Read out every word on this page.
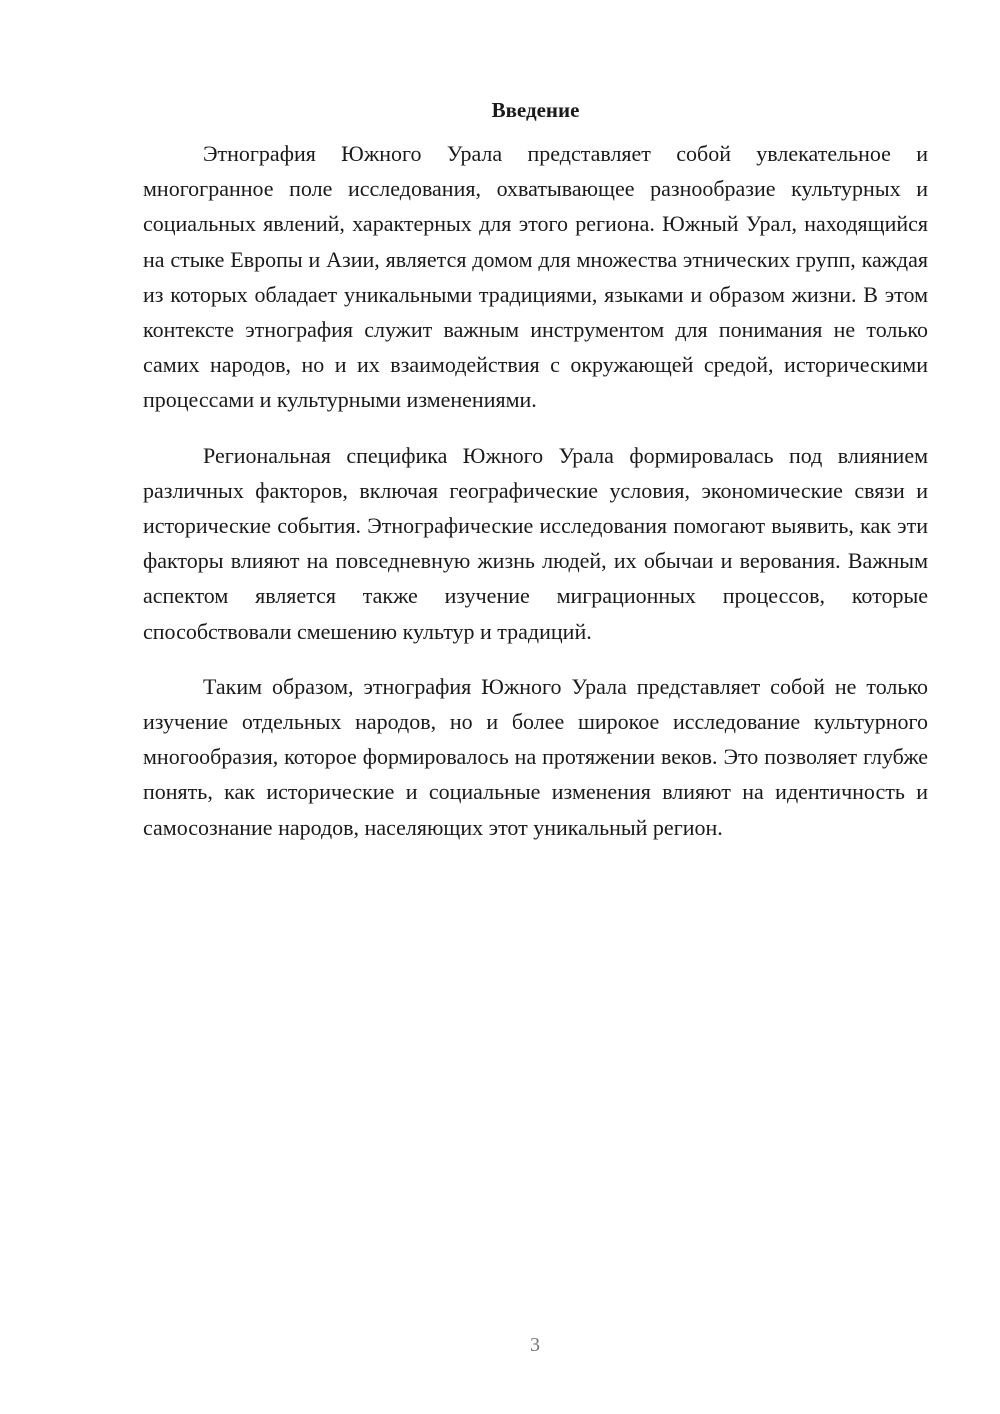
Введение

Этнография Южного Урала представляет собой увлекательное и многогранное поле исследования, охватывающее разнообразие культурных и социальных явлений, характерных для этого региона. Южный Урал, находящийся на стыке Европы и Азии, является домом для множества этнических групп, каждая из которых обладает уникальными традициями, языками и образом жизни. В этом контексте этнография служит важным инструментом для понимания не только самих народов, но и их взаимодействия с окружающей средой, историческими процессами и культурными изменениями.

Региональная специфика Южного Урала формировалась под влиянием различных факторов, включая географические условия, экономические связи и исторические события. Этнографические исследования помогают выявить, как эти факторы влияют на повседневную жизнь людей, их обычаи и верования. Важным аспектом является также изучение миграционных процессов, которые способствовали смешению культур и традиций.

Таким образом, этнография Южного Урала представляет собой не только изучение отдельных народов, но и более широкое исследование культурного многообразия, которое формировалось на протяжении веков. Это позволяет глубже понять, как исторические и социальные изменения влияют на идентичность и самосознание народов, населяющих этот уникальный регион.

3
